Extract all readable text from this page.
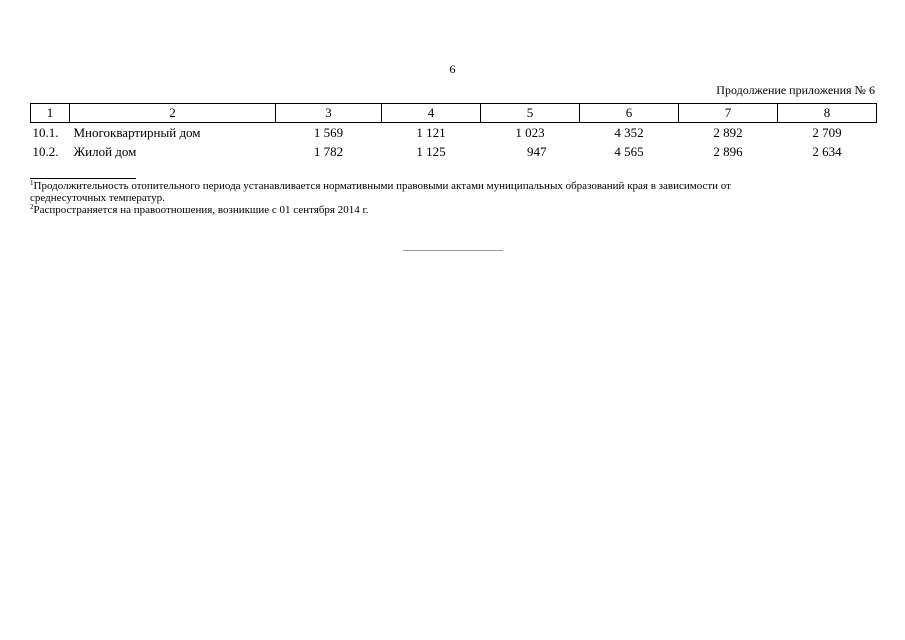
6
Продолжение приложения № 6
1	2	3	4	5	6	7	8
10.1.	Многоквартирный дом	1 569	1 121	1 023	4 352	2 892	2 709
10.2.	Жилой дом	1 782	1 125	947	4 565	2 896	2 634
$^1$Продолжительность отопительного периода устанавливается нормативными правовыми актами муниципальных образований края в зависимости от
среднесуточных температур.
$^2$Распространяется на правоотношения, возникшие с 01 сентября 2014 г.
